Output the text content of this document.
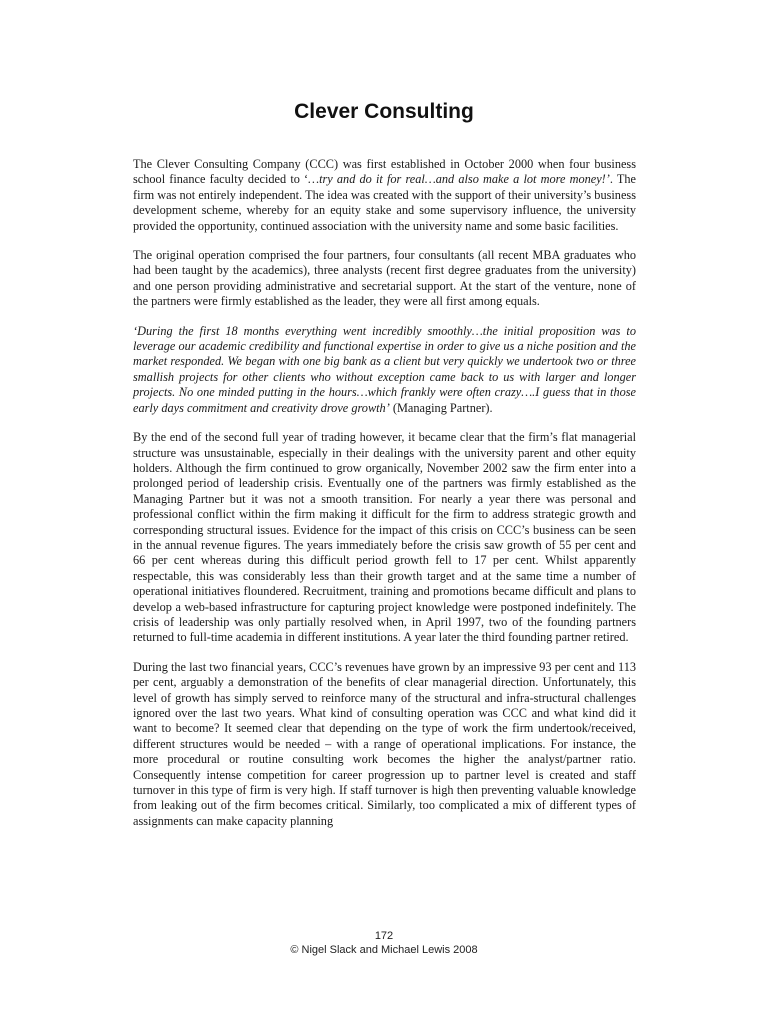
Clever Consulting

The Clever Consulting Company (CCC) was first established in October 2000 when four business school finance faculty decided to ‘…try and do it for real…and also make a lot more money!’. The firm was not entirely independent. The idea was created with the support of their university’s business development scheme, whereby for an equity stake and some supervisory influence, the university provided the opportunity, continued association with the university name and some basic facilities.

The original operation comprised the four partners, four consultants (all recent MBA graduates who had been taught by the academics), three analysts (recent first degree graduates from the university) and one person providing administrative and secretarial support. At the start of the venture, none of the partners were firmly established as the leader, they were all first among equals.

‘During the first 18 months everything went incredibly smoothly…the initial proposition was to leverage our academic credibility and functional expertise in order to give us a niche position and the market responded. We began with one big bank as a client but very quickly we undertook two or three smallish projects for other clients who without exception came back to us with larger and longer projects. No one minded putting in the hours…which frankly were often crazy….I guess that in those early days commitment and creativity drove growth’ (Managing Partner).

By the end of the second full year of trading however, it became clear that the firm’s flat managerial structure was unsustainable, especially in their dealings with the university parent and other equity holders. Although the firm continued to grow organically, November 2002 saw the firm enter into a prolonged period of leadership crisis. Eventually one of the partners was firmly established as the Managing Partner but it was not a smooth transition. For nearly a year there was personal and professional conflict within the firm making it difficult for the firm to address strategic growth and corresponding structural issues. Evidence for the impact of this crisis on CCC’s business can be seen in the annual revenue figures. The years immediately before the crisis saw growth of 55 per cent and 66 per cent whereas during this difficult period growth fell to 17 per cent. Whilst apparently respectable, this was considerably less than their growth target and at the same time a number of operational initiatives floundered. Recruitment, training and promotions became difficult and plans to develop a web-based infrastructure for capturing project knowledge were postponed indefinitely. The crisis of leadership was only partially resolved when, in April 1997, two of the founding partners returned to full-time academia in different institutions. A year later the third founding partner retired.

During the last two financial years, CCC’s revenues have grown by an impressive 93 per cent and 113 per cent, arguably a demonstration of the benefits of clear managerial direction. Unfortunately, this level of growth has simply served to reinforce many of the structural and infra-structural challenges ignored over the last two years. What kind of consulting operation was CCC and what kind did it want to become? It seemed clear that depending on the type of work the firm undertook/received, different structures would be needed – with a range of operational implications. For instance, the more procedural or routine consulting work becomes the higher the analyst/partner ratio. Consequently intense competition for career progression up to partner level is created and staff turnover in this type of firm is very high. If staff turnover is high then preventing valuable knowledge from leaking out of the firm becomes critical. Similarly, too complicated a mix of different types of assignments can make capacity planning

172
© Nigel Slack and Michael Lewis 2008
